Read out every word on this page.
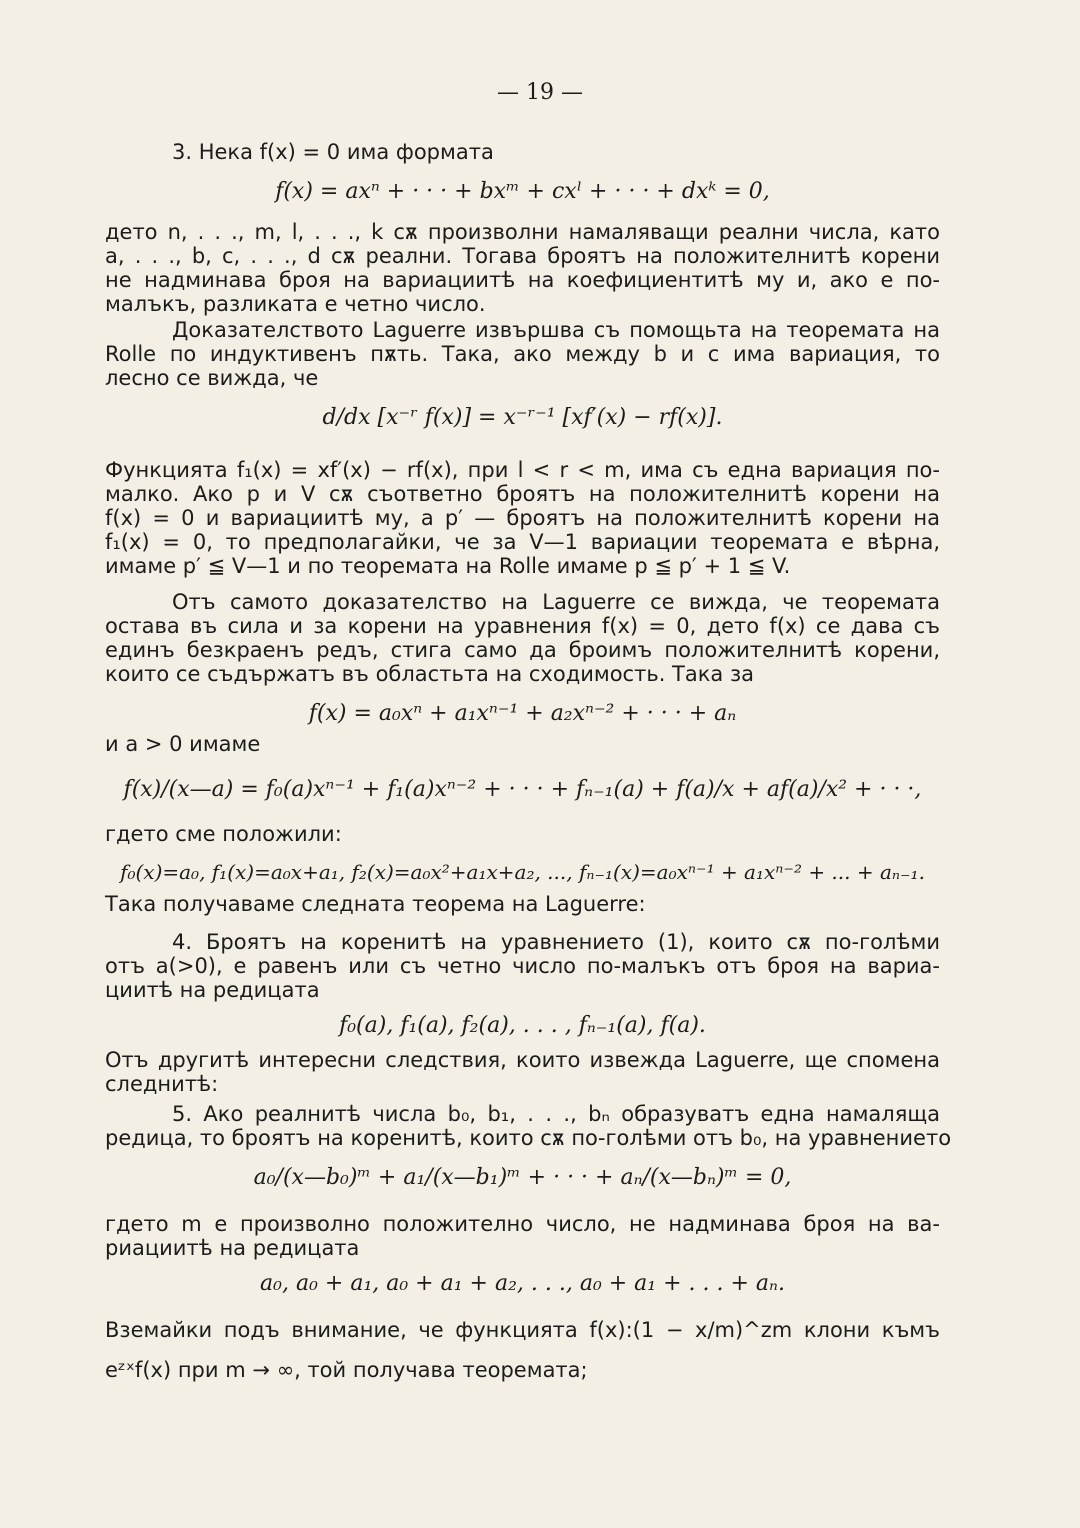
— 19 —
3. Нека f(x) = 0 има формата
f(x) = axⁿ + · · · + bxᵐ + cxˡ + · · · + dxᵏ = 0,
дето n, . . ., m, l, . . ., k сѫ произволни намаляващи реални числа, като
a, . . ., b, c, . . ., d сѫ реални. Тогава броятъ на положителнитѣ корени
не надминава броя на вариациитѣ на коефициентитѣ му и, ако е по-
малъкъ, разликата е четно число.
Доказателството Laguerre извършва съ помощьта на теоремата на
Rolle по индуктивенъ пѫть. Така, ако между b и c има вариация, то
лесно се вижда, че
d/dx [x⁻ʳ f(x)] = x⁻ʳ⁻¹ [xf′(x) − rf(x)].
Функцията f₁(x) = xf′(x) − rf(x), при l < r < m, има съ една вариация по-
малко. Ако p и V сѫ съответно броятъ на положителнитѣ корени на
f(x) = 0 и вариациитѣ му, а p′ — броятъ на положителнитѣ корени на
f₁(x) = 0, то предполагайки, че за V—1 вариации теоремата е вѣрна,
имаме p′ ≦ V—1 и по теоремата на Rolle имаме p ≦ p′ + 1 ≦ V.
Отъ самото доказателство на Laguerre се вижда, че теоремата
остава въ сила и за корени на уравнения f(x) = 0, дето f(x) се дава съ
единъ безкраенъ редъ, стига само да броимъ положителнитѣ корени,
които се съдържатъ въ областьта на сходимость. Така за
f(x) = a₀xⁿ + a₁xⁿ⁻¹ + a₂xⁿ⁻² + · · · + aₙ
и a > 0 имаме
f(x)/(x—a) = f₀(a)xⁿ⁻¹ + f₁(a)xⁿ⁻² + · · · + fₙ₋₁(a) + f(a)/x + af(a)/x² + · · ·,
гдето сме положили:
f₀(x)=a₀, f₁(x)=a₀x+a₁, f₂(x)=a₀x²+a₁x+a₂, ..., fₙ₋₁(x)=a₀xⁿ⁻¹ + a₁xⁿ⁻² + ... + aₙ₋₁.
Така получаваме следната теорема на Laguerre:
4. Броятъ на коренитѣ на уравнението (1), които сѫ по-голѣми
отъ a(>0), е равенъ или съ четно число по-малъкъ отъ броя на вариа-
циитѣ на редицата
f₀(a), f₁(a), f₂(a), . . . , fₙ₋₁(a), f(a).
Отъ другитѣ интересни следствия, които извежда Laguerre, ще спомена
следнитѣ:
5. Ако реалнитѣ числа b₀, b₁, . . ., bₙ образуватъ една намаляща
редица, то броятъ на коренитѣ, които сѫ по-голѣми отъ b₀, на уравнението
a₀/(x—b₀)ᵐ + a₁/(x—b₁)ᵐ + · · · + aₙ/(x—bₙ)ᵐ = 0,
гдето m е произволно положително число, не надминава броя на ва-
риациитѣ на редицата
a₀, a₀ + a₁, a₀ + a₁ + a₂, . . ., a₀ + a₁ + . . . + aₙ.
Вземайки подъ внимание, че функцията f(x):(1 − x/m)^zm клони къмъ
eᶻˣf(x) при m → ∞, той получава теоремата;
